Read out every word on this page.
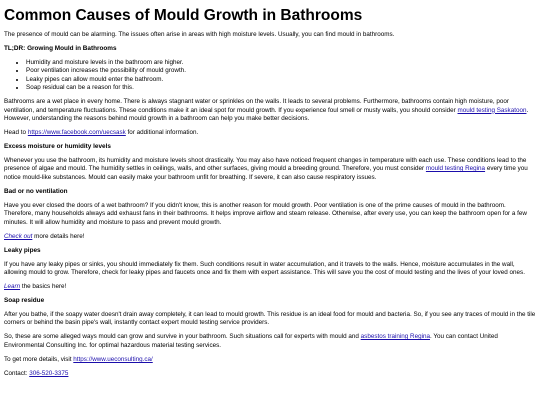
Common Causes of Mould Growth in Bathrooms

The presence of mould can be alarming. The issues often arise in areas with high moisture levels. Usually, you can find mould in bathrooms.

TL;DR: Growing Mould in Bathrooms
• Humidity and moisture levels in the bathroom are higher.
• Poor ventilation increases the possibility of mould growth.
• Leaky pipes can allow mould enter the bathroom.
• Soap residual can be a reason for this.

Bathrooms are a wet place in every home. There is always stagnant water or sprinkles on the walls. It leads to several problems. Furthermore, bathrooms contain high moisture, poor ventilation, and temperature fluctuations. These conditions make it an ideal spot for mould growth. If you experience foul smell or musty walls, you should consider mould testing Saskatoon. However, understanding the reasons behind mould growth in a bathroom can help you make better decisions.

Head to https://www.facebook.com/uecsask for additional information.

Excess moisture or humidity levels

Whenever you use the bathroom, its humidity and moisture levels shoot drastically. You may also have noticed frequent changes in temperature with each use. These conditions lead to the presence of algae and mould. The humidity settles in ceilings, walls, and other surfaces, giving mould a breeding ground. Therefore, you must consider mould testing Regina every time you notice mould-like substances. Mould can easily make your bathroom unfit for breathing. If severe, it can also cause respiratory issues.

Bad or no ventilation

Have you ever closed the doors of a wet bathroom? If you didn't know, this is another reason for mould growth. Poor ventilation is one of the prime causes of mould in the bathroom. Therefore, many households always add exhaust fans in their bathrooms. It helps improve airflow and steam release. Otherwise, after every use, you can keep the bathroom open for a few minutes. It will allow humidity and moisture to pass and prevent mould growth.

Check out more details here!

Leaky pipes

If you have any leaky pipes or sinks, you should immediately fix them. Such conditions result in water accumulation, and it travels to the walls. Hence, moisture accumulates in the wall, allowing mould to grow. Therefore, check for leaky pipes and faucets once and fix them with expert assistance. This will save you the cost of mould testing and the lives of your loved ones.

Learn the basics here!

Soap residue

After you bathe, if the soapy water doesn't drain away completely, it can lead to mould growth. This residue is an ideal food for mould and bacteria. So, if you see any traces of mould in the tile corners or behind the basin pipe's wall, instantly contact expert mould testing service providers.

So, these are some alleged ways mould can grow and survive in your bathroom. Such situations call for experts with mould and asbestos training Regina. You can contact United Environmental Consulting Inc. for optimal hazardous material testing services.

To get more details, visit https://www.ueconsulting.ca/

Contact: 306-520-3375
